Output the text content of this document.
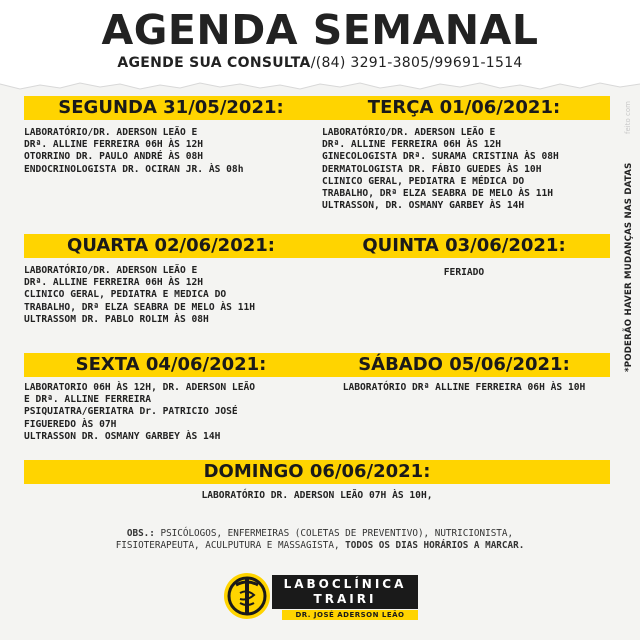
AGENDA SEMANAL
AGENDE SUA CONSULTA/(84) 3291-3805/99691-1514
SEGUNDA 31/05/2021:
LABORATÓRIO/DR. ADERSON LEÃO E
DRª. ALLINE FERREIRA 06H ÀS 12H
OTORRINO DR. PAULO ANDRÉ ÀS 08H
ENDOCRINOLOGISTA DR. OCIRAN JR. ÀS 08h
TERÇA 01/06/2021:
LABORATÓRIO/DR. ADERSON LEÃO E
DRª. ALLINE FERREIRA 06H ÀS 12H
GINECOLOGISTA DRª. SURAMA CRISTINA ÀS 08H
DERMATOLOGISTA DR. FÁBIO GUEDES ÀS 10H
CLINICO GERAL, PEDIATRA E MÉDICA DO
TRABALHO, DRª ELZA SEABRA DE MELO ÀS 11H
ULTRASSON, DR. OSMANY GARBEY ÀS 14H
QUARTA 02/06/2021:
LABORATÓRIO/DR. ADERSON LEÃO E
DRª. ALLINE FERREIRA 06H ÀS 12H
CLINICO GERAL, PEDIATRA E MEDICA DO
TRABALHO, DRª ELZA SEABRA DE MELO ÀS 11H
ULTRASSOM DR. PABLO ROLIM ÀS 08H
QUINTA 03/06/2021:
FERIADO
SEXTA 04/06/2021:
LABORATORIO 06H ÀS 12H, DR. ADERSON LEÃO
E DRª. ALLINE FERREIRA
PSIQUIATRA/GERIATRA Dr. PATRICIO JOSÉ
FIGUEREDO ÀS 07H
ULTRASSON DR. OSMANY GARBEY ÀS 14H
SÁBADO 05/06/2021:
LABORATÓRIO DRª ALLINE FERREIRA 06H ÀS 10H
DOMINGO 06/06/2021:
LABORATÓRIO DR. ADERSON LEÃO 07H ÀS 10H,
*PODERÃO HAVER MUDANÇAS NAS DATAS
feito com
OBS.: PSICÓLOGOS, ENFERMEIRAS (COLETAS DE PREVENTIVO), NUTRICIONISTA, FISIOTERAPEUTA, ACULPUTURA E MASSAGISTA, TODOS OS DIAS HORÁRIOS A MARCAR.
LABOCLÍNICA
TRAIRI
DR. JOSÉ ADERSON LEÃO
